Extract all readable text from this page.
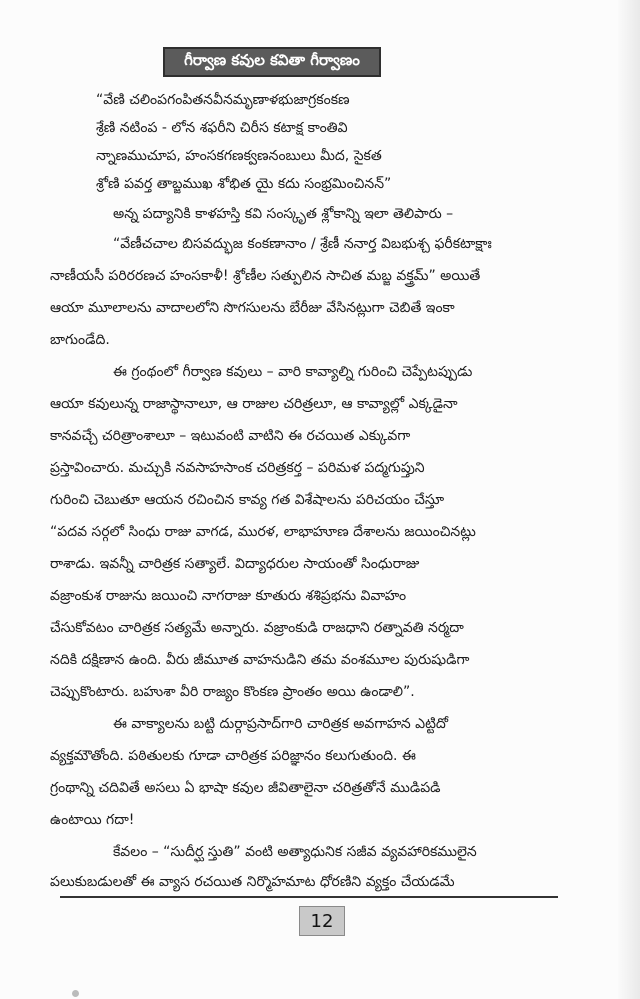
గీర్వాణ కవుల కవితా గీర్వాణం
“వేణి చలింపగంపితనవీనమృణాళభుజాగ్రకంకణ
శ్రేణి నటింప - లోన శఫరీని చిరీస కటాక్ష కాంతివి
న్నాణముచూప, హంసకగణక్వణనంబులు మీద, సైకత
శ్రోణి పవర్త తాబ్జముఖ శోభిత యై కదు సంభ్రమించినన్”
అన్న పద్యానికి కాళహస్తి కవి సంస్కృత శ్లోకాన్ని ఇలా తెలిపారు –
“వేణీచచాల బిసవద్భుజ కంకణానాం / శ్రేణీ ననార్త విబభుశ్చ ఫరీకటాక్షాః
నాణీయసీ పరిరరణచ హంసకాళీ! శ్రోణీల సత్పులిన సాచిత మబ్జ వక్త్రమ్” అయితే
ఆయా మూలాలను వాదాలలోని సొగసులను బేరీజు వేసినట్లుగా చెబితే ఇంకా
బాగుండేది.
ఈ గ్రంథంలో గీర్వాణ కవులు – వారి కావ్యాల్ని గురించి చెప్పేటప్పుడు
ఆయా కవులున్న రాజాస్థానాలూ, ఆ రాజుల చరిత్రలూ, ఆ కావ్యాల్లో ఎక్కడైనా
కానవచ్చే చరిత్రాంశాలూ – ఇటువంటి వాటిని ఈ రచయిత ఎక్కువగా
ప్రస్తావించారు. మచ్చుకి నవసాహసాంక చరిత్రకర్త – పరిమళ పద్మగుప్తుని
గురించి చెబుతూ ఆయన రచించిన కావ్య గత విశేషాలను పరిచయం చేస్తూ
“పదవ సర్గలో సింధు రాజు వాగడ, మురళ, లాభాహూణ దేశాలను జయించినట్లు
రాశాడు. ఇవన్నీ చారిత్రక సత్యాలే. విద్యాధరుల సాయంతో సింధురాజు
వజ్రాంకుశ రాజును జయించి నాగరాజు కూతురు శశిప్రభను వివాహం
చేసుకోవటం చారిత్రక సత్యమే అన్నారు. వజ్రాంకుడి రాజధాని రత్నావతి నర్మదా
నదికి దక్షిణాన ఉంది. వీరు జీమూత వాహనుడిని తమ వంశమూల పురుషుడిగా
చెప్పుకొంటారు. బహుశా వీరి రాజ్యం కొంకణ ప్రాంతం అయి ఉండాలి”.
ఈ వాక్యాలను బట్టి దుర్గాప్రసాద్‌గారి చారిత్రక అవగాహన ఎట్టిదో
వ్యక్తమౌతోంది. పఠితులకు గూడా చారిత్రక పరిజ్ఞానం కలుగుతుంది. ఈ
గ్రంథాన్ని చదివితే అసలు ఏ భాషా కవుల జీవితాలైనా చరిత్రతోనే ముడిపడి
ఉంటాయి గదా!
కేవలం – “సుదీర్ఘ స్తుతి” వంటి అత్యాధునిక సజీవ వ్యవహారికములైన
పలుకుబడులతో ఈ వ్యాస రచయిత నిర్మొహమాట ధోరణిని వ్యక్తం చేయడమే
12
